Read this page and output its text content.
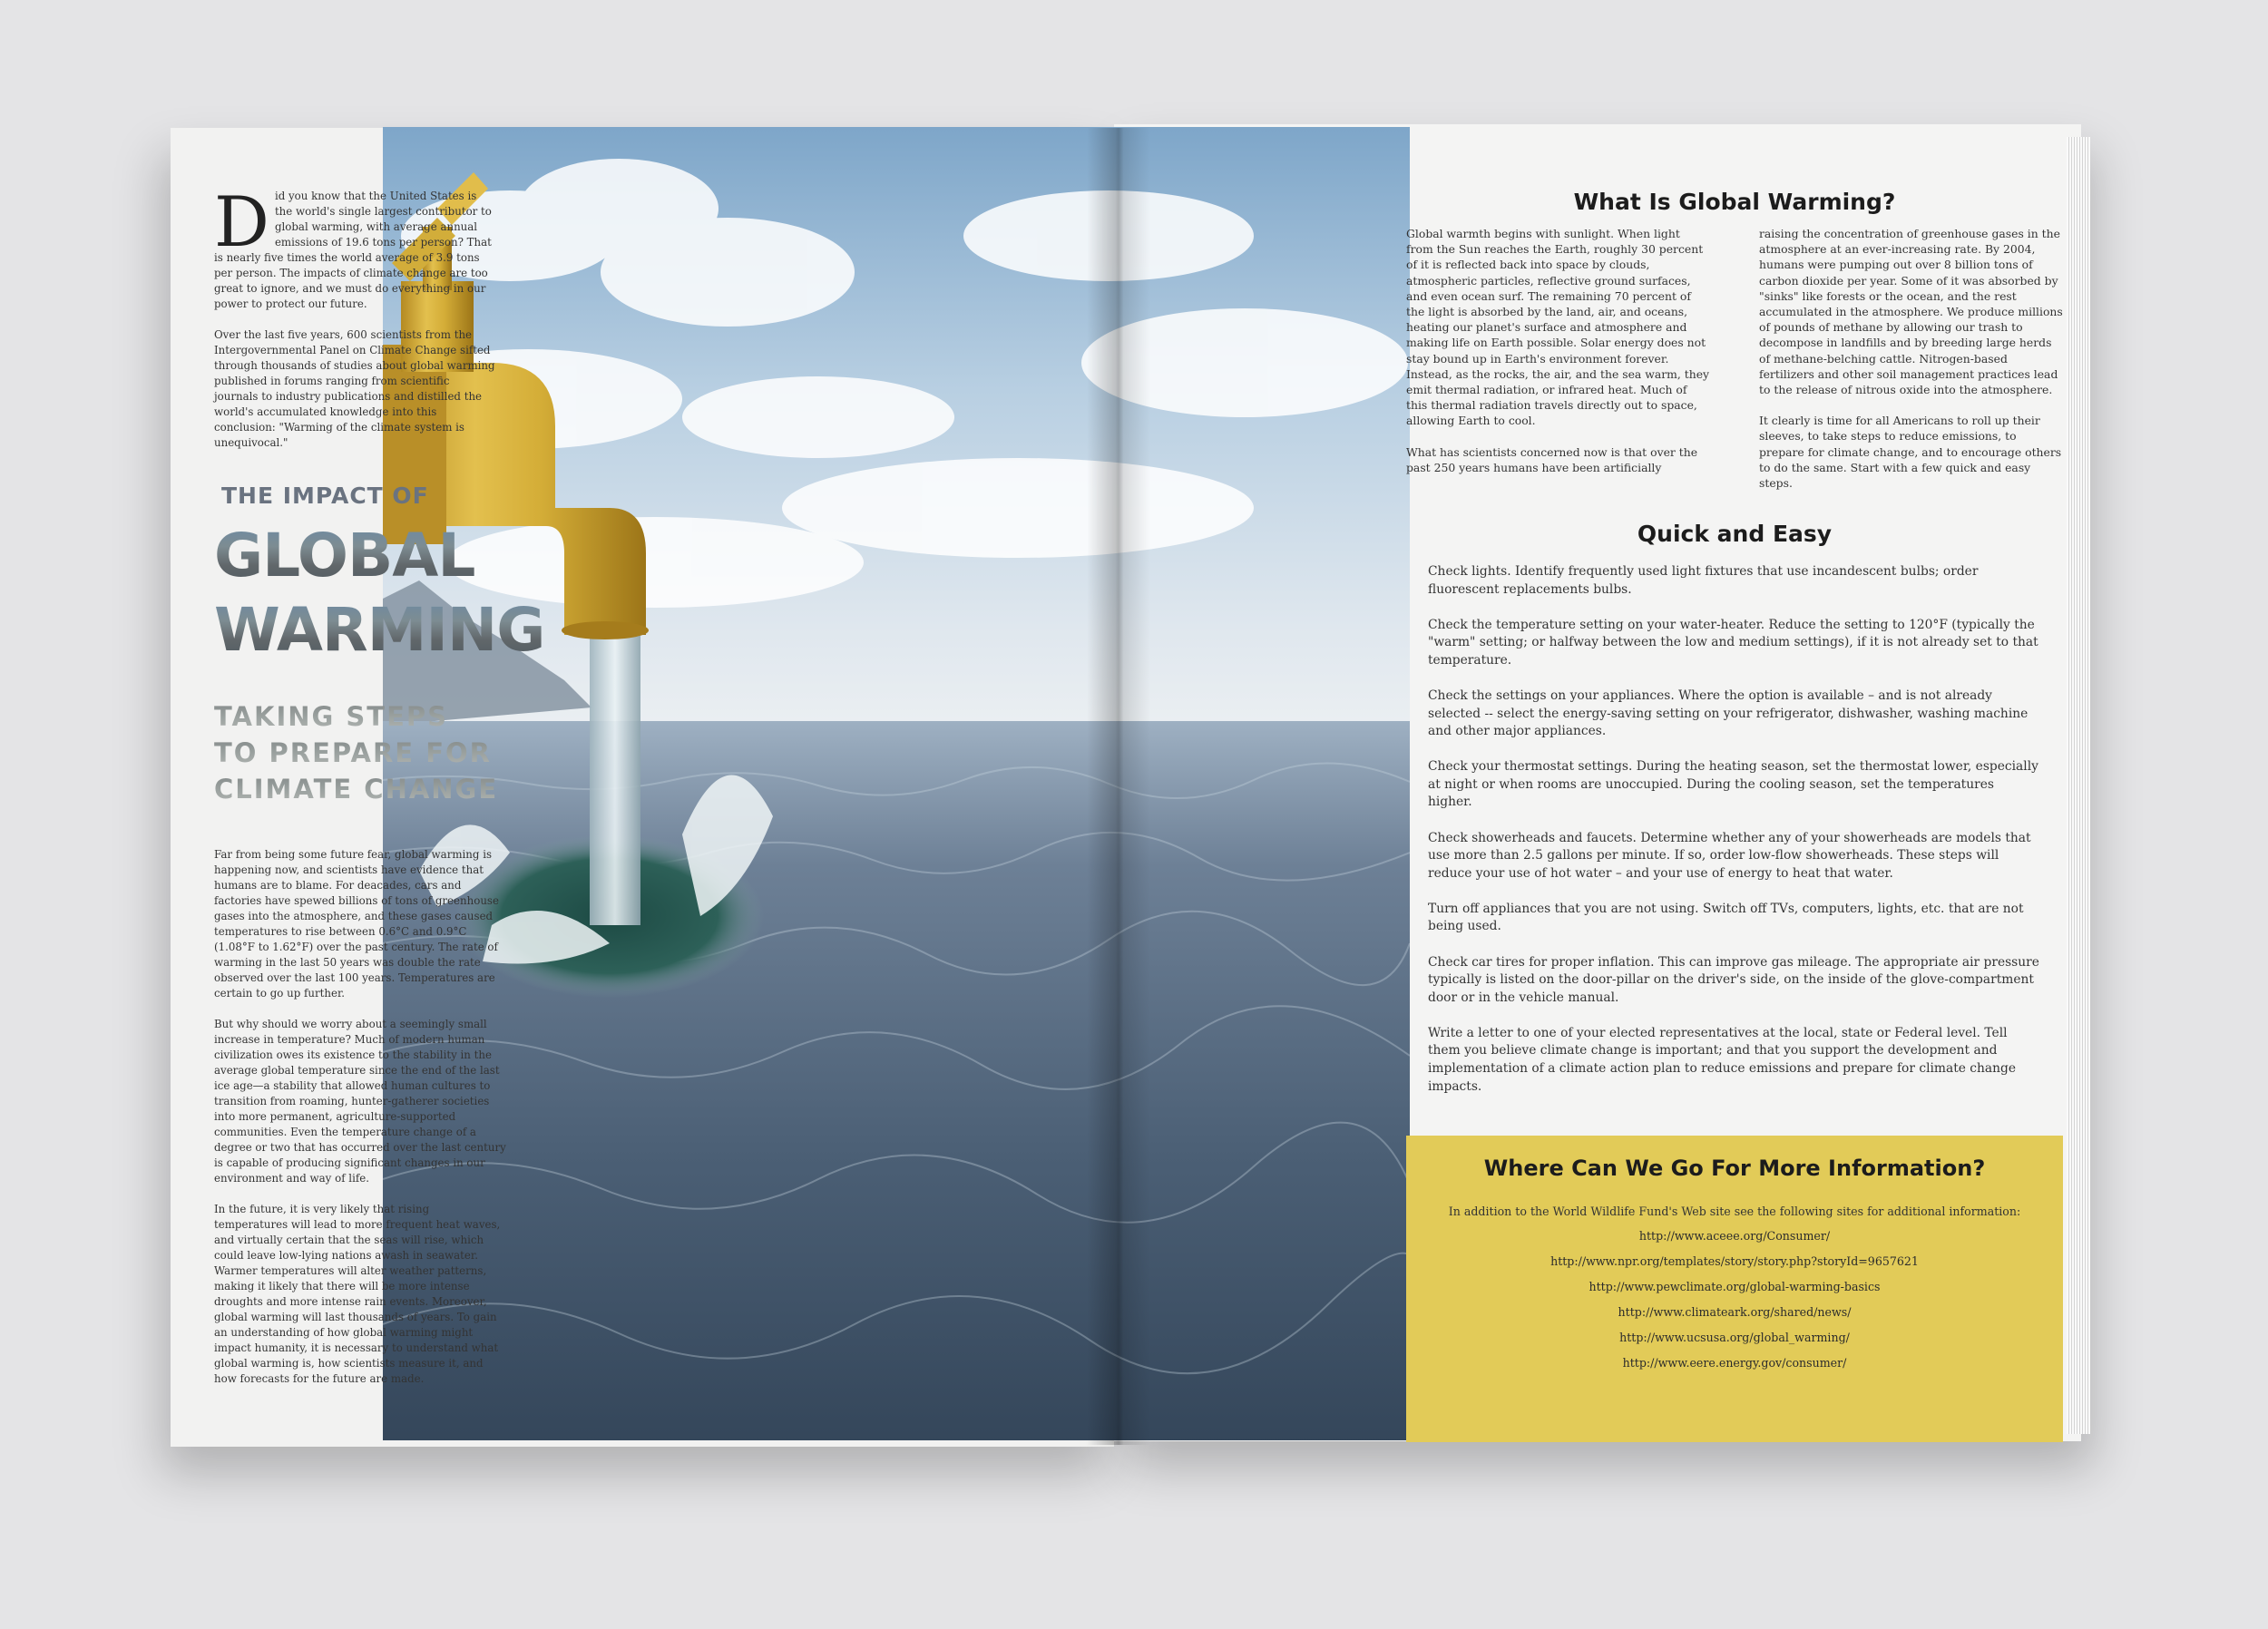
Did you know that the United States is the world's single largest contributor to global warming, with average annual emissions of 19.6 tons per person? That is nearly five times the world average of 3.9 tons per person. The impacts of climate change are too great to ignore, and we must do everything in our power to protect our future.

Over the last five years, 600 scientists from the Intergovernmental Panel on Climate Change sifted through thousands of studies about global warming published in forums ranging from scientific journals to industry publications and distilled the world's accumulated knowledge into this conclusion: "Warming of the climate system is unequivocal."

THE IMPACT OF
GLOBAL
WARMING
TAKING STEPS
TO PREPARE FOR
CLIMATE CHANGE

Far from being some future fear, global warming is happening now, and scientists have evidence that humans are to blame. For deacades, cars and factories have spewed billions of tons of greenhouse gases into the atmosphere, and these gases caused temperatures to rise between 0.6°C and 0.9°C (1.08°F to 1.62°F) over the past century. The rate of warming in the last 50 years was double the rate observed over the last 100 years. Temperatures are certain to go up further.

But why should we worry about a seemingly small increase in temperature? Much of modern human civilization owes its existence to the stability in the average global temperature since the end of the last ice age—a stability that allowed human cultures to transition from roaming, hunter-gatherer societies into more permanent, agriculture-supported communities. Even the temperature change of a degree or two that has occurred over the last century is capable of producing significant changes in our environment and way of life.

In the future, it is very likely that rising temperatures will lead to more frequent heat waves, and virtually certain that the seas will rise, which could leave low-lying nations awash in seawater. Warmer temperatures will alter weather patterns, making it likely that there will be more intense droughts and more intense rain events. Moreover, global warming will last thousands of years. To gain an understanding of how global warming might impact humanity, it is necessary to understand what global warming is, how scientists measure it, and how forecasts for the future are made.

What Is Global Warming?

Global warmth begins with sunlight. When light from the Sun reaches the Earth, roughly 30 percent of it is reflected back into space by clouds, atmospheric particles, reflective ground surfaces, and even ocean surf. The remaining 70 percent of the light is absorbed by the land, air, and oceans, heating our planet's surface and atmosphere and making life on Earth possible. Solar energy does not stay bound up in Earth's environment forever. Instead, as the rocks, the air, and the sea warm, they emit thermal radiation, or infrared heat. Much of this thermal radiation travels directly out to space, allowing Earth to cool.

What has scientists concerned now is that over the past 250 years humans have been artificially

raising the concentration of greenhouse gases in the atmosphere at an ever-increasing rate. By 2004, humans were pumping out over 8 billion tons of carbon dioxide per year. Some of it was absorbed by "sinks" like forests or the ocean, and the rest accumulated in the atmosphere. We produce millions of pounds of methane by allowing our trash to decompose in landfills and by breeding large herds of methane-belching cattle. Nitrogen-based fertilizers and other soil management practices lead to the release of nitrous oxide into the atmosphere.

It clearly is time for all Americans to roll up their sleeves, to take steps to reduce emissions, to prepare for climate change, and to encourage others to do the same. Start with a few quick and easy steps.

Quick and Easy

Check lights. Identify frequently used light fixtures that use incandescent bulbs; order fluorescent replacements bulbs.

Check the temperature setting on your water-heater. Reduce the setting to 120°F (typically the "warm" setting; or halfway between the low and medium settings), if it is not already set to that temperature.

Check the settings on your appliances. Where the option is available – and is not already selected -- select the energy-saving setting on your refrigerator, dishwasher, washing machine and other major appliances.

Check your thermostat settings. During the heating season, set the thermostat lower, especially at night or when rooms are unoccupied. During the cooling season, set the temperatures higher.

Check showerheads and faucets. Determine whether any of your showerheads are models that use more than 2.5 gallons per minute. If so, order low-flow showerheads. These steps will reduce your use of hot water – and your use of energy to heat that water.

Turn off appliances that you are not using. Switch off TVs, computers, lights, etc. that are not being used.

Check car tires for proper inflation. This can improve gas mileage. The appropriate air pressure typically is listed on the door-pillar on the driver's side, on the inside of the glove-compartment door or in the vehicle manual.

Write a letter to one of your elected representatives at the local, state or Federal level. Tell them you believe climate change is important; and that you support the development and implementation of a climate action plan to reduce emissions and prepare for climate change impacts.

Where Can We Go For More Information?
In addition to the World Wildlife Fund's Web site see the following sites for additional information:
http://www.aceee.org/Consumer/
http://www.npr.org/templates/story/story.php?storyId=9657621
http://www.pewclimate.org/global-warming-basics
http://www.climateark.org/shared/news/
http://www.ucsusa.org/global_warming/
http://www.eere.energy.gov/consumer/
